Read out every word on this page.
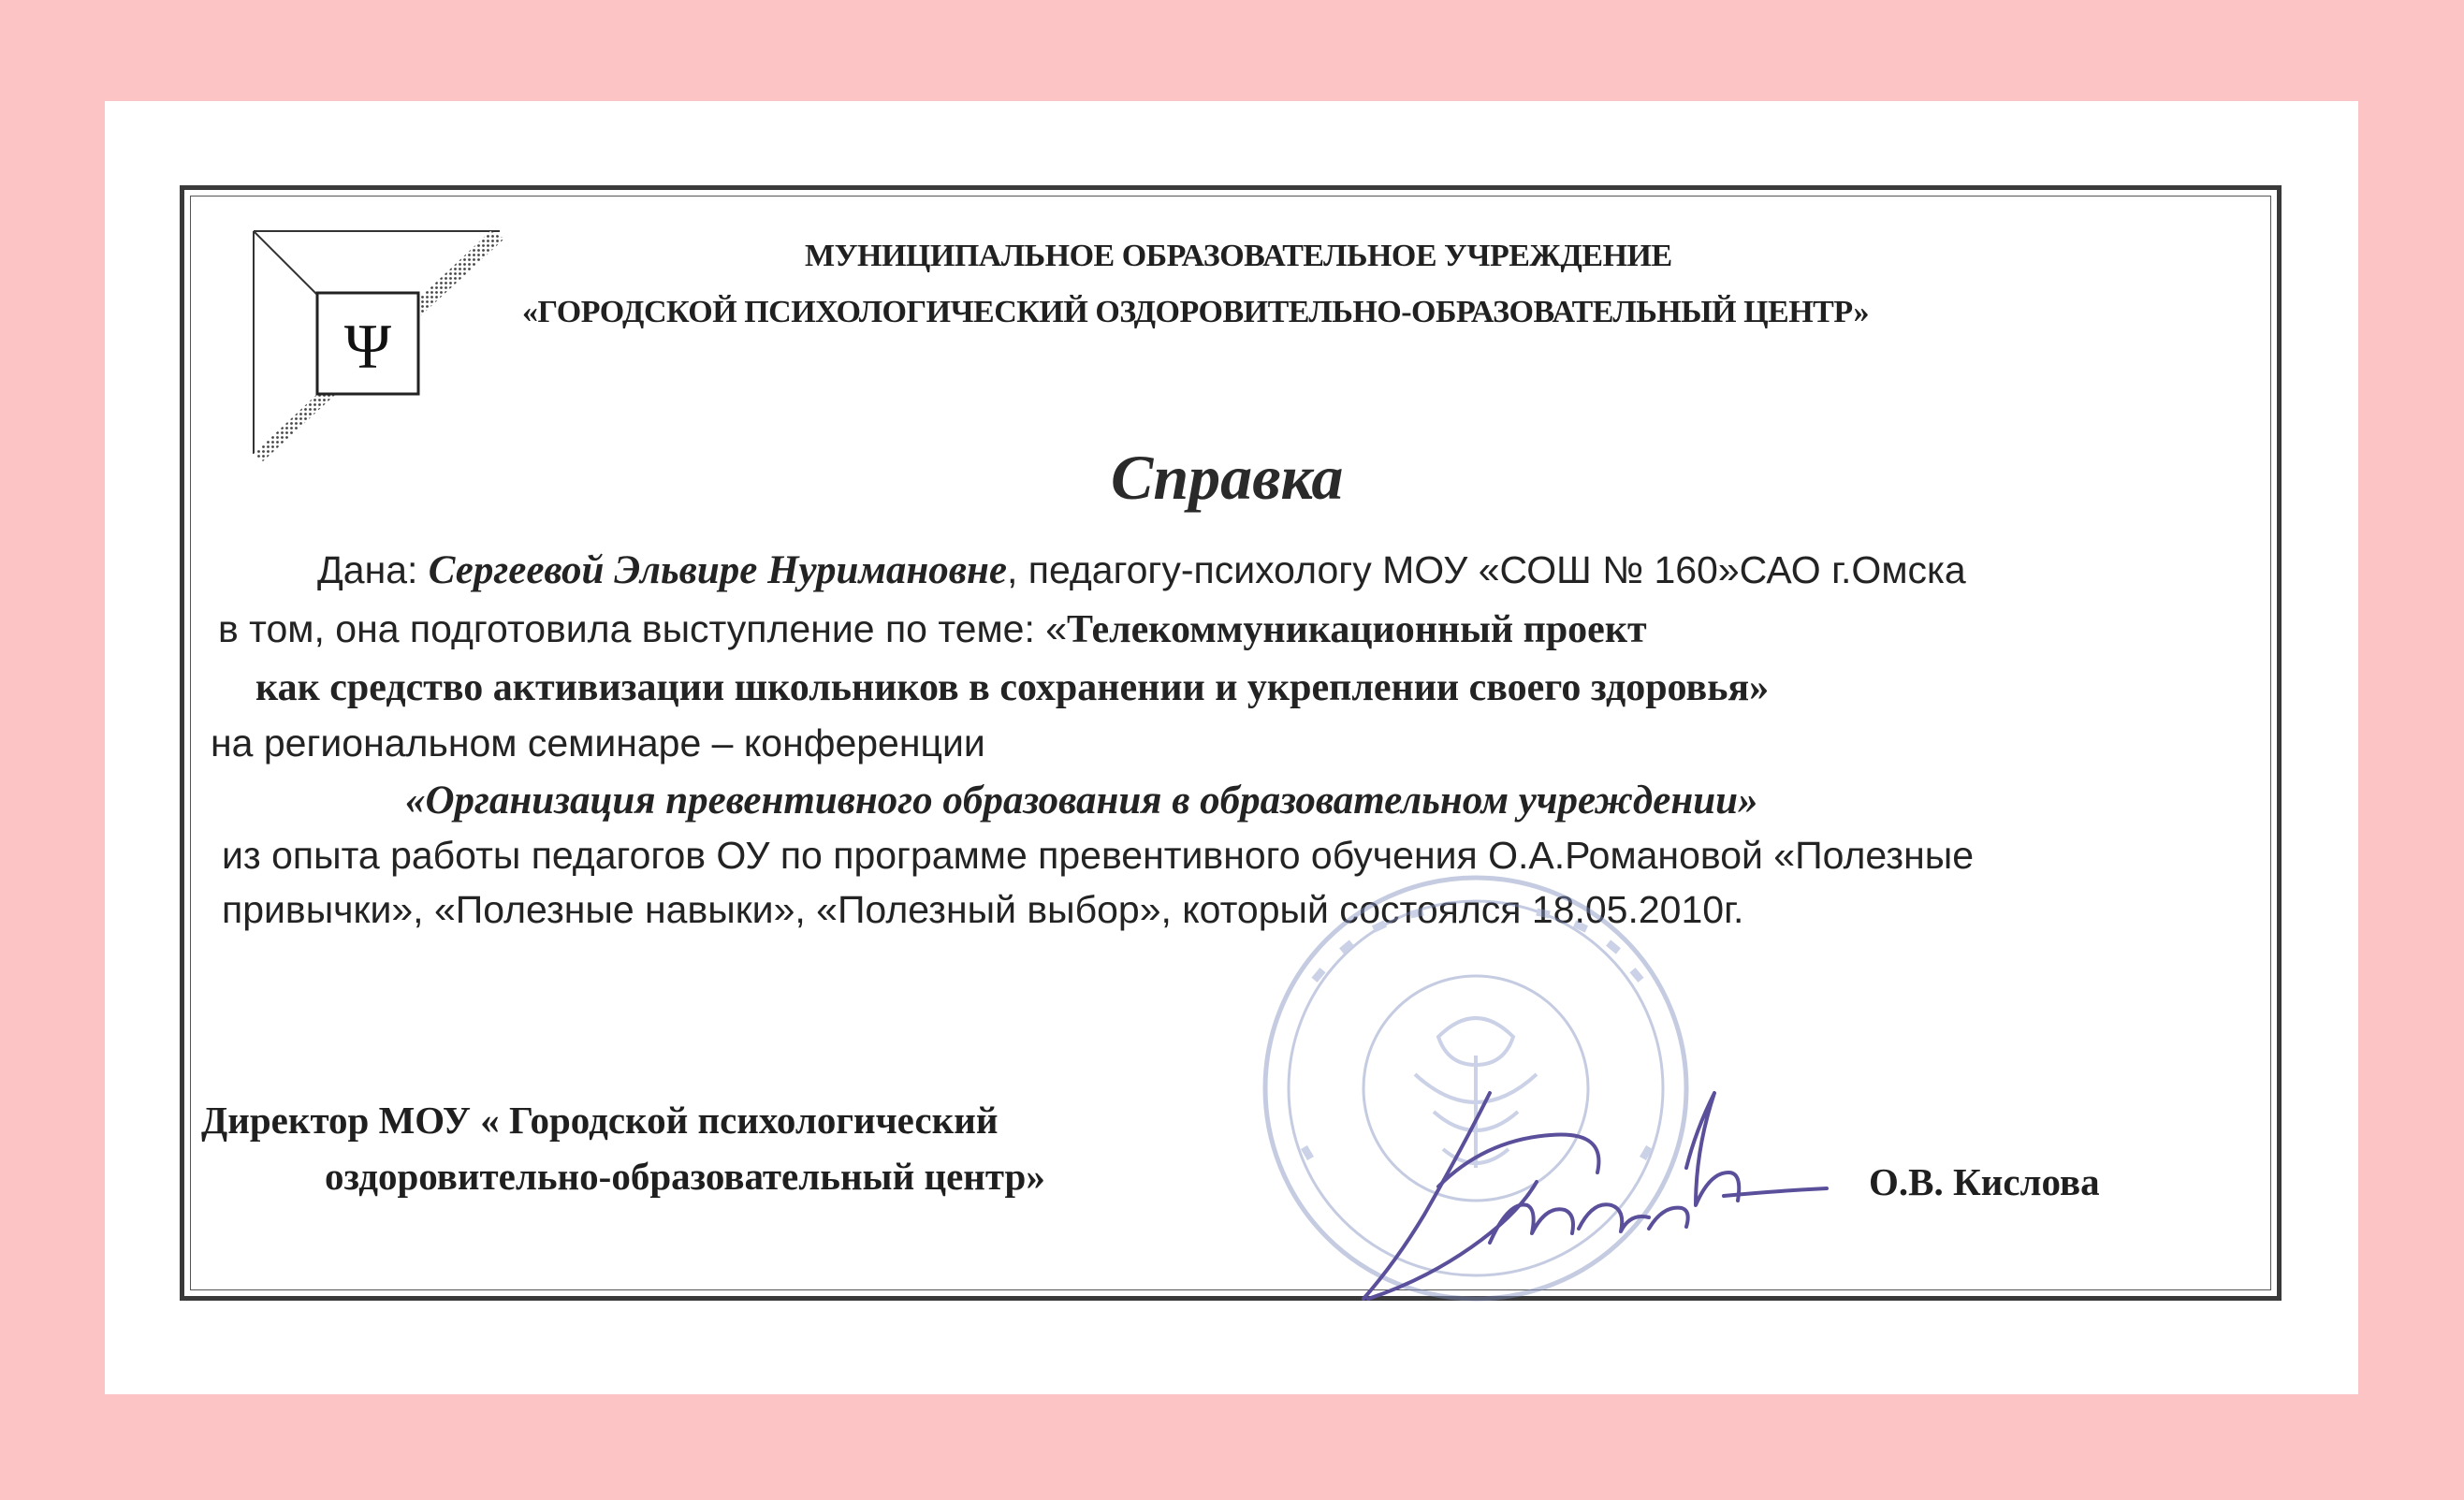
Ψ
МУНИЦИПАЛЬНОЕ ОБРАЗОВАТЕЛЬНОЕ УЧРЕЖДЕНИЕ
«ГОРОДСКОЙ ПСИХОЛОГИЧЕСКИЙ ОЗДОРОВИТЕЛЬНО-ОБРАЗОВАТЕЛЬНЫЙ ЦЕНТР»
Справка
Дана: Сергеевой Эльвире Нуримановне, педагогу-психологу МОУ «СОШ № 160»САО г.Омска
в том, она подготовила выступление по теме: «Телекоммуникационный проект
как средство активизации школьников в сохранении и укреплении своего здоровья»
на региональном семинаре – конференции
«Организация превентивного образования в образовательном учреждении»
из опыта работы педагогов ОУ по программе превентивного обучения О.А.Романовой «Полезные
привычки», «Полезные навыки», «Полезный выбор», который состоялся 18.05.2010г.
Директор МОУ « Городской психологический
оздоровительно-образовательный центр»	О.В. Кислова
